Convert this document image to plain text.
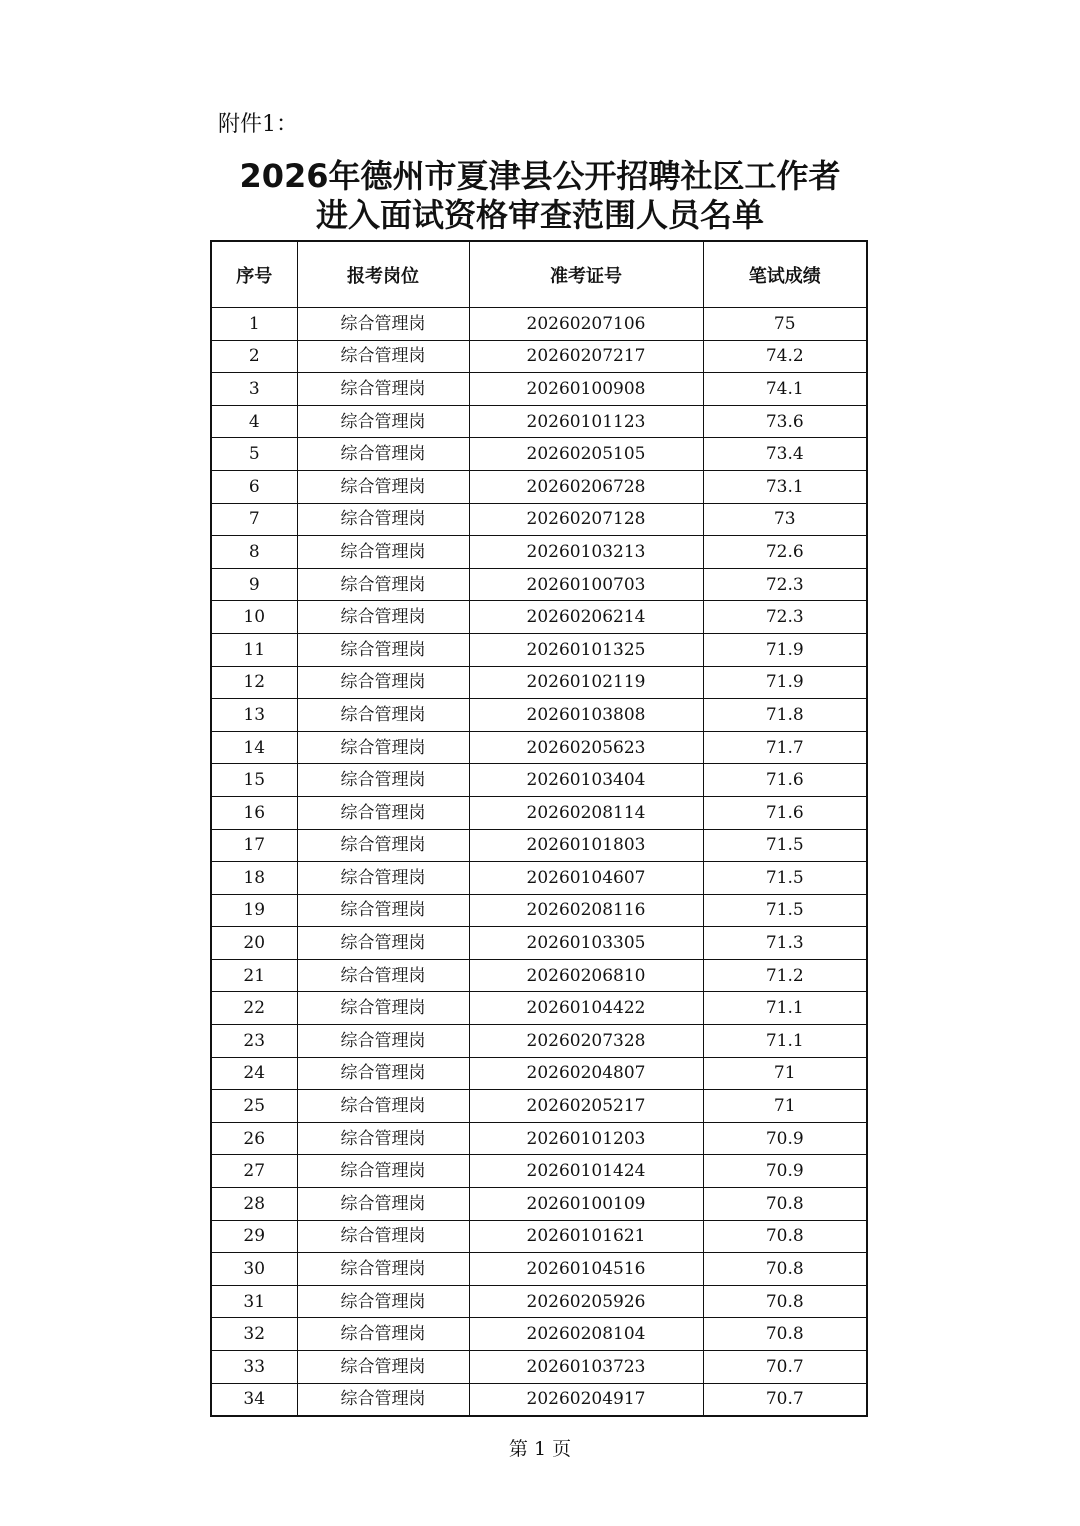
附件1：
2026年德州市夏津县公开招聘社区工作者
进入面试资格审查范围人员名单
序号	报考岗位	准考证号	笔试成绩
1	综合管理岗	20260207106	75
2	综合管理岗	20260207217	74.2
3	综合管理岗	20260100908	74.1
4	综合管理岗	20260101123	73.6
5	综合管理岗	20260205105	73.4
6	综合管理岗	20260206728	73.1
7	综合管理岗	20260207128	73
8	综合管理岗	20260103213	72.6
9	综合管理岗	20260100703	72.3
10	综合管理岗	20260206214	72.3
11	综合管理岗	20260101325	71.9
12	综合管理岗	20260102119	71.9
13	综合管理岗	20260103808	71.8
14	综合管理岗	20260205623	71.7
15	综合管理岗	20260103404	71.6
16	综合管理岗	20260208114	71.6
17	综合管理岗	20260101803	71.5
18	综合管理岗	20260104607	71.5
19	综合管理岗	20260208116	71.5
20	综合管理岗	20260103305	71.3
21	综合管理岗	20260206810	71.2
22	综合管理岗	20260104422	71.1
23	综合管理岗	20260207328	71.1
24	综合管理岗	20260204807	71
25	综合管理岗	20260205217	71
26	综合管理岗	20260101203	70.9
27	综合管理岗	20260101424	70.9
28	综合管理岗	20260100109	70.8
29	综合管理岗	20260101621	70.8
30	综合管理岗	20260104516	70.8
31	综合管理岗	20260205926	70.8
32	综合管理岗	20260208104	70.8
33	综合管理岗	20260103723	70.7
34	综合管理岗	20260204917	70.7
第 1 页
